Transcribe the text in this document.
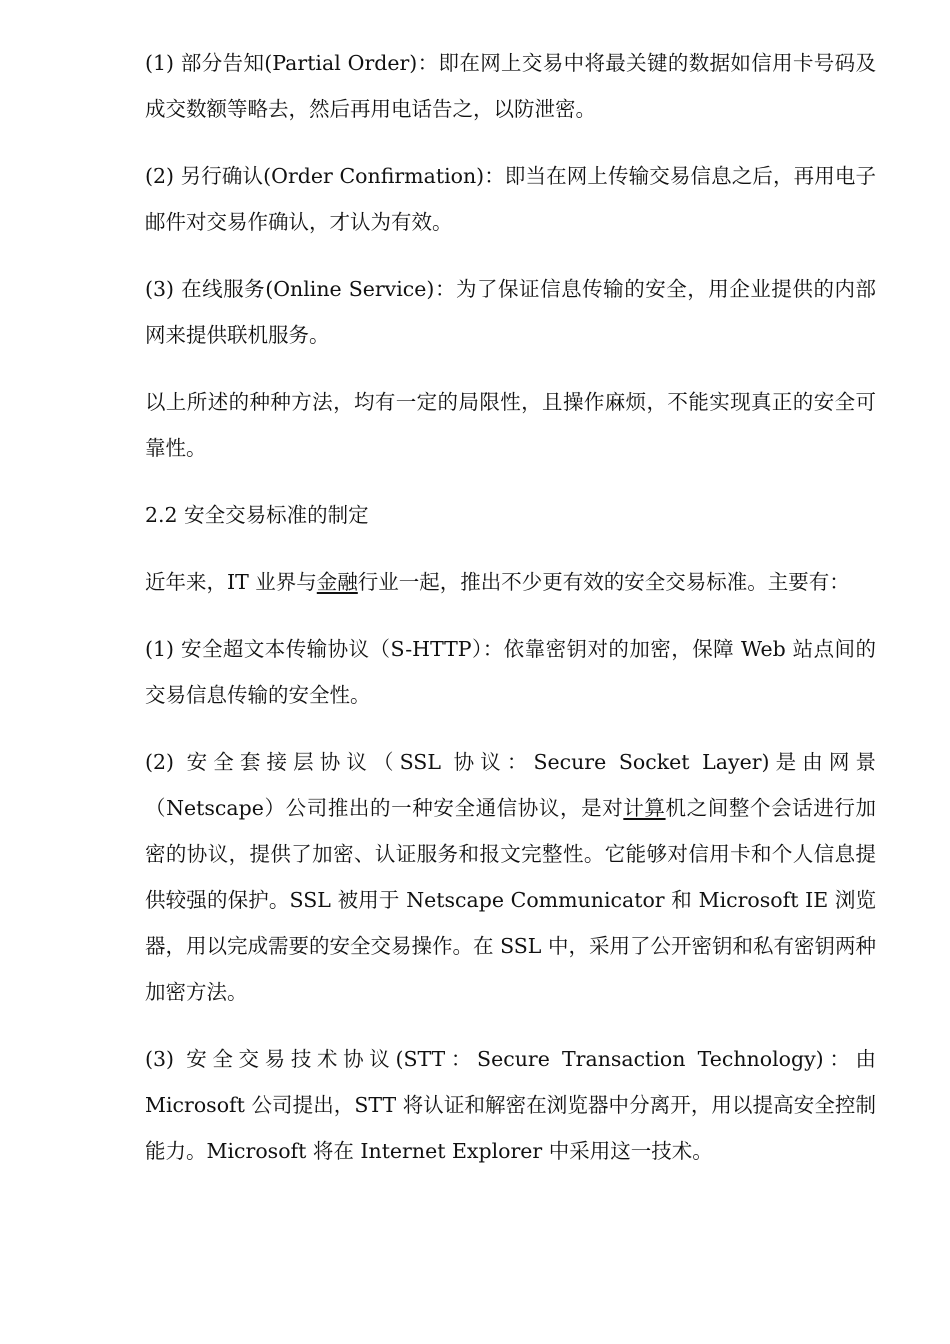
(1) 部分告知(Partial Order)：即在网上交易中将最关键的数据如信用卡号码及成交数额等略去，然后再用电话告之，以防泄密。

(2) 另行确认(Order Confirmation)：即当在网上传输交易信息之后，再用电子邮件对交易作确认，才认为有效。

(3) 在线服务(Online Service)：为了保证信息传输的安全，用企业提供的内部网来提供联机服务。

以上所述的种种方法，均有一定的局限性，且操作麻烦，不能实现真正的安全可靠性。

2.2 安全交易标准的制定

近年来，IT 业界与金融行业一起，推出不少更有效的安全交易标准。主要有：

(1) 安全超文本传输协议（S-HTTP）：依靠密钥对的加密，保障 Web 站点间的交易信息传输的安全性。

(2) 安全套接层协议（SSL 协议：Secure Socket Layer)是由网景（Netscape）公司推出的一种安全通信协议，是对计算机之间整个会话进行加密的协议，提供了加密、认证服务和报文完整性。它能够对信用卡和个人信息提供较强的保护。SSL 被用于 Netscape Communicator 和 Microsoft IE 浏览器，用以完成需要的安全交易操作。在 SSL 中，采用了公开密钥和私有密钥两种加密方法。

(3) 安全交易技术协议(STT：Secure Transaction Technology)：由 Microsoft 公司提出，STT 将认证和解密在浏览器中分离开，用以提高安全控制能力。Microsoft 将在 Internet Explorer 中采用这一技术。
